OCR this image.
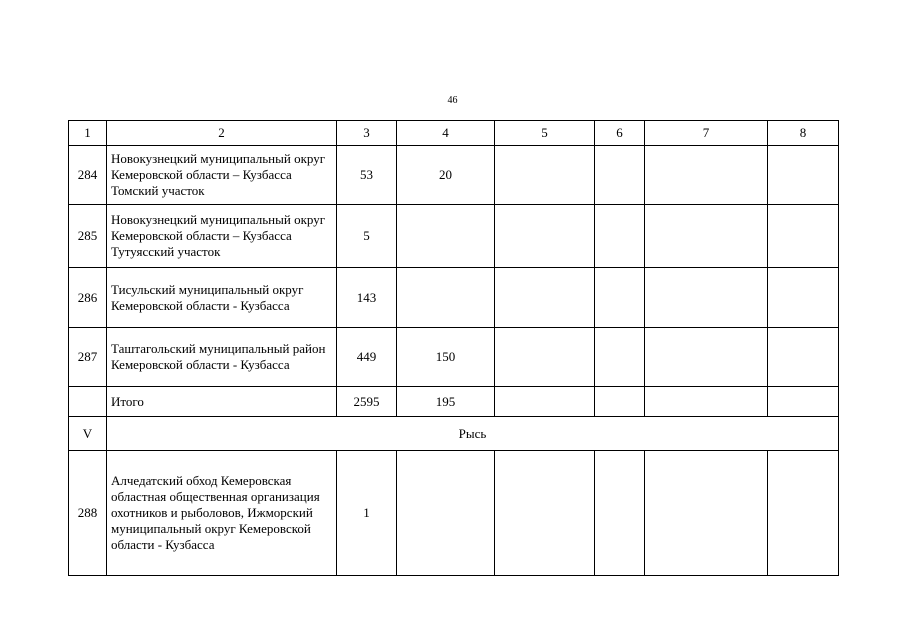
46
1	2	3	4	5	6	7	8
284	Новокузнецкий муниципальный округ Кемеровской области – Кузбасса Томский участок	53	20				
285	Новокузнецкий муниципальный округ Кемеровской области – Кузбасса Тутуясский участок	5					
286	Тисульский муниципальный округ Кемеровской области - Кузбасса	143					
287	Таштагольский муниципальный район Кемеровской области - Кузбасса	449	150				
	Итого	2595	195				
V	Рысь						
288	Алчедатский обход Кемеровская областная общественная организация охотников и рыболовов, Ижморский муниципальный округ Кемеровской области - Кузбасса	1					
